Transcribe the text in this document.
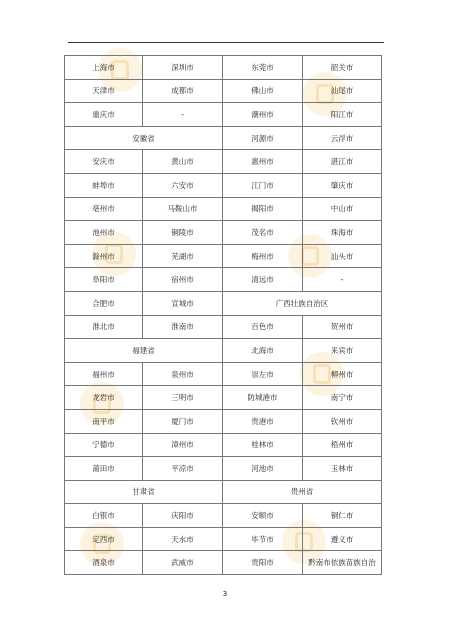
上海市	深圳市	东莞市	韶关市
天津市	成都市	佛山市	汕尾市
重庆市	-	潮州市	阳江市
安徽省		河源市	云浮市
安庆市	黄山市	惠州市	湛江市
蚌埠市	六安市	江门市	肇庆市
亳州市	马鞍山市	揭阳市	中山市
池州市	铜陵市	茂名市	珠海市
滁州市	芜湖市	梅州市	汕头市
阜阳市	宿州市	清远市	-
合肥市	宣城市	广西壮族自治区	
淮北市	淮南市	百色市	贺州市
福建省		北海市	来宾市
福州市	泉州市	崇左市	柳州市
龙岩市	三明市	防城港市	南宁市
南平市	厦门市	贵港市	钦州市
宁德市	漳州市	桂林市	梧州市
莆田市	平凉市	河池市	玉林市
甘肃省		贵州省	
白银市	庆阳市	安顺市	铜仁市
定西市	天水市	毕节市	遵义市
酒泉市	武威市	贵阳市	黔南布依族苗族自治
3
